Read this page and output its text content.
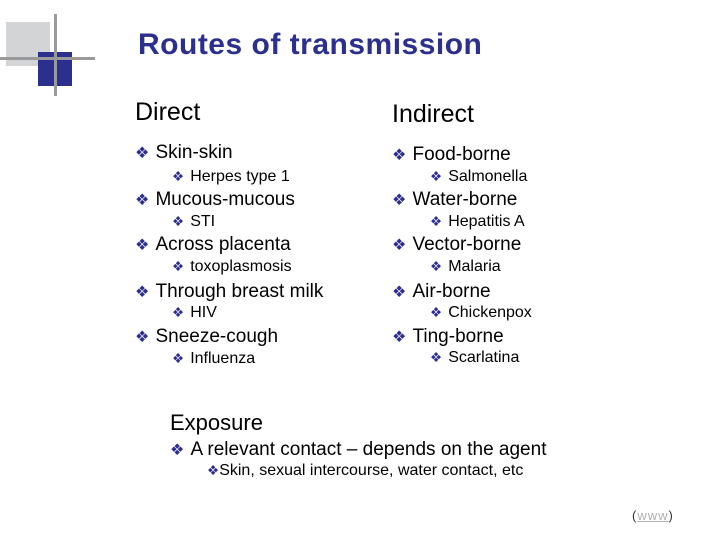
Routes of transmission
Direct	Indirect
❖ Skin-skin
❖ Herpes type 1
❖ Mucous-mucous
❖ STI
❖ Across placenta
❖ toxoplasmosis
❖ Through breast milk
❖ HIV
❖ Sneeze-cough
❖ Influenza
❖ Food-borne
❖ Salmonella
❖ Water-borne
❖ Hepatitis A
❖ Vector-borne
❖ Malaria
❖ Air-borne
❖ Chickenpox
❖ Ting-borne
❖ Scarlatina
Exposure
❖ A relevant contact – depends on the agent
❖Skin, sexual intercourse, water contact, etc
(www)
